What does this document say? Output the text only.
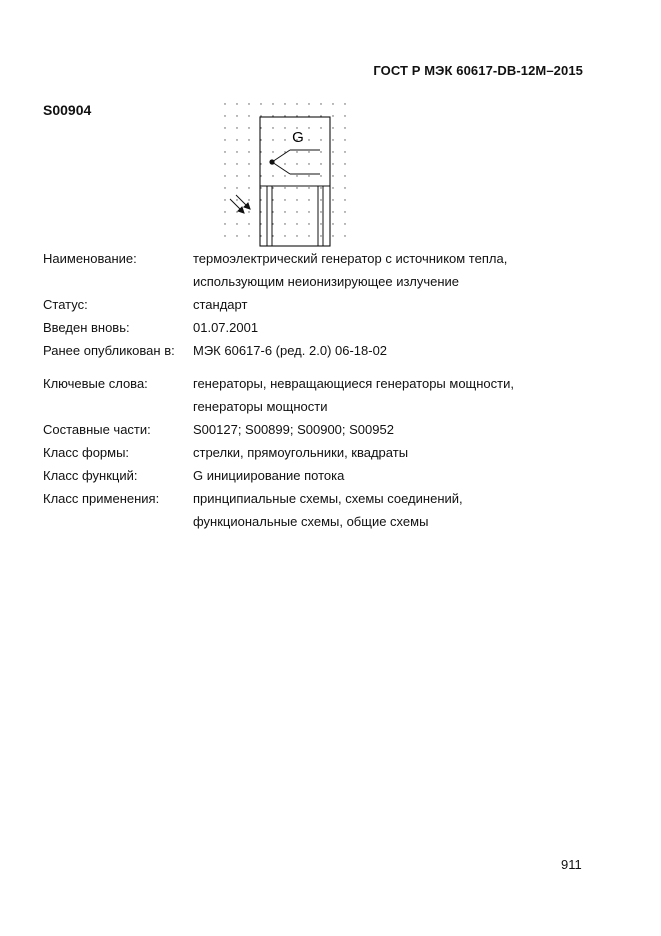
ГОСТ Р МЭК 60617-DB-12M–2015
S00904
G
Наименование:	термоэлектрический генератор с источником тепла,
использующим неионизирующее излучение
Статус:	стандарт
Введен вновь:	01.07.2001
Ранее опубликован в: МЭК 60617-6 (ред. 2.0) 06-18-02
Ключевые слова:	генераторы, невращающиеся генераторы мощности,
генераторы мощности
Составные части:	S00127; S00899; S00900; S00952
Класс формы:	стрелки, прямоугольники, квадраты
Класс функций:	G инициирование потока
Класс применения:	принципиальные схемы, схемы соединений,
функциональные схемы, общие схемы
911
